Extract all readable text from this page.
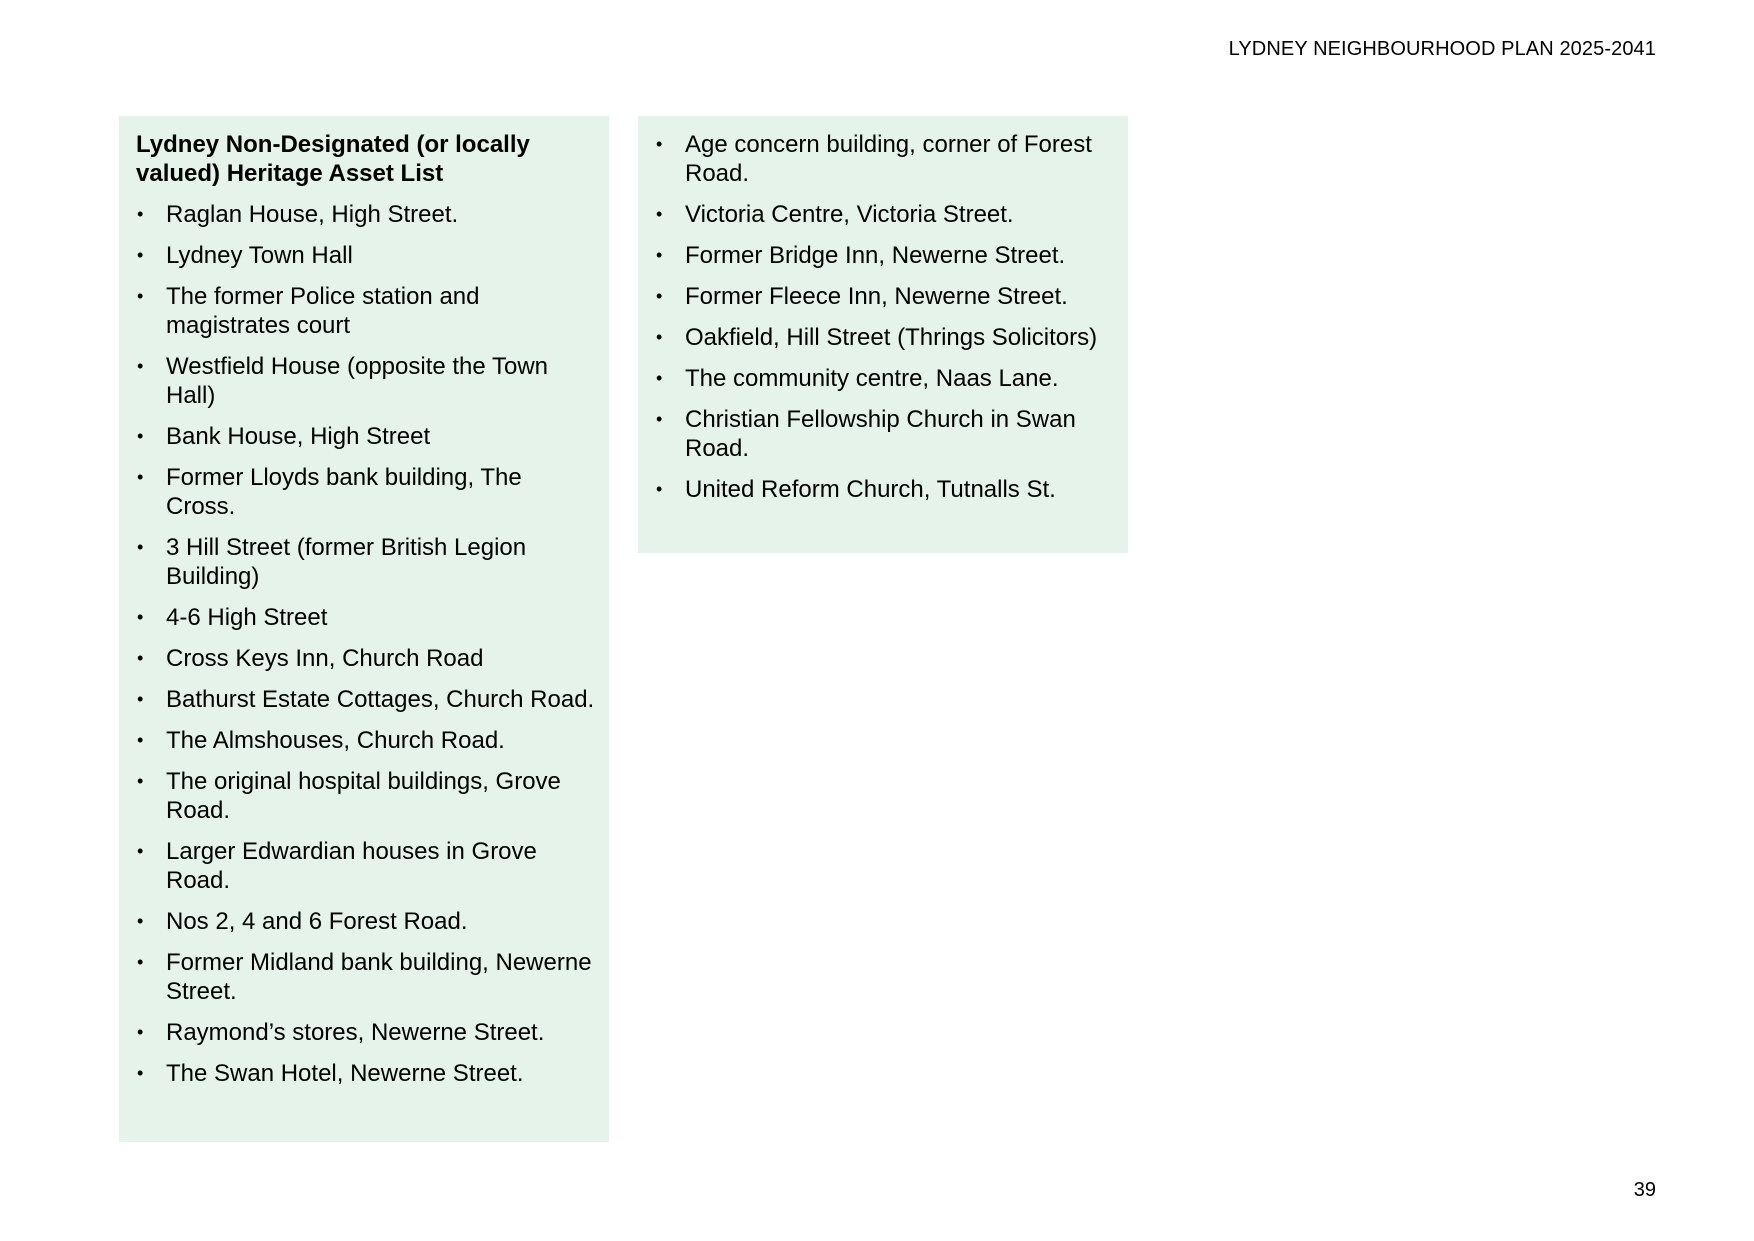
LYDNEY NEIGHBOURHOOD PLAN 2025-2041
Lydney Non-Designated (or locally valued) Heritage Asset List
• Raglan House, High Street.
• Lydney Town Hall
• The former Police station and magistrates court
• Westfield House (opposite the Town Hall)
• Bank House, High Street
• Former Lloyds bank building, The Cross.
• 3 Hill Street (former British Legion Building)
• 4-6 High Street
• Cross Keys Inn, Church Road
• Bathurst Estate Cottages, Church Road.
• The Almshouses, Church Road.
• The original hospital buildings, Grove Road.
• Larger Edwardian houses in Grove Road.
• Nos 2, 4 and 6 Forest Road.
• Former Midland bank building, Newerne Street.
• Raymond’s stores, Newerne Street.
• The Swan Hotel, Newerne Street.
• Age concern building, corner of Forest Road.
• Victoria Centre, Victoria Street.
• Former Bridge Inn, Newerne Street.
• Former Fleece Inn, Newerne Street.
• Oakfield, Hill Street (Thrings Solicitors)
• The community centre, Naas Lane.
• Christian Fellowship Church in Swan Road.
• United Reform Church, Tutnalls St.
39
